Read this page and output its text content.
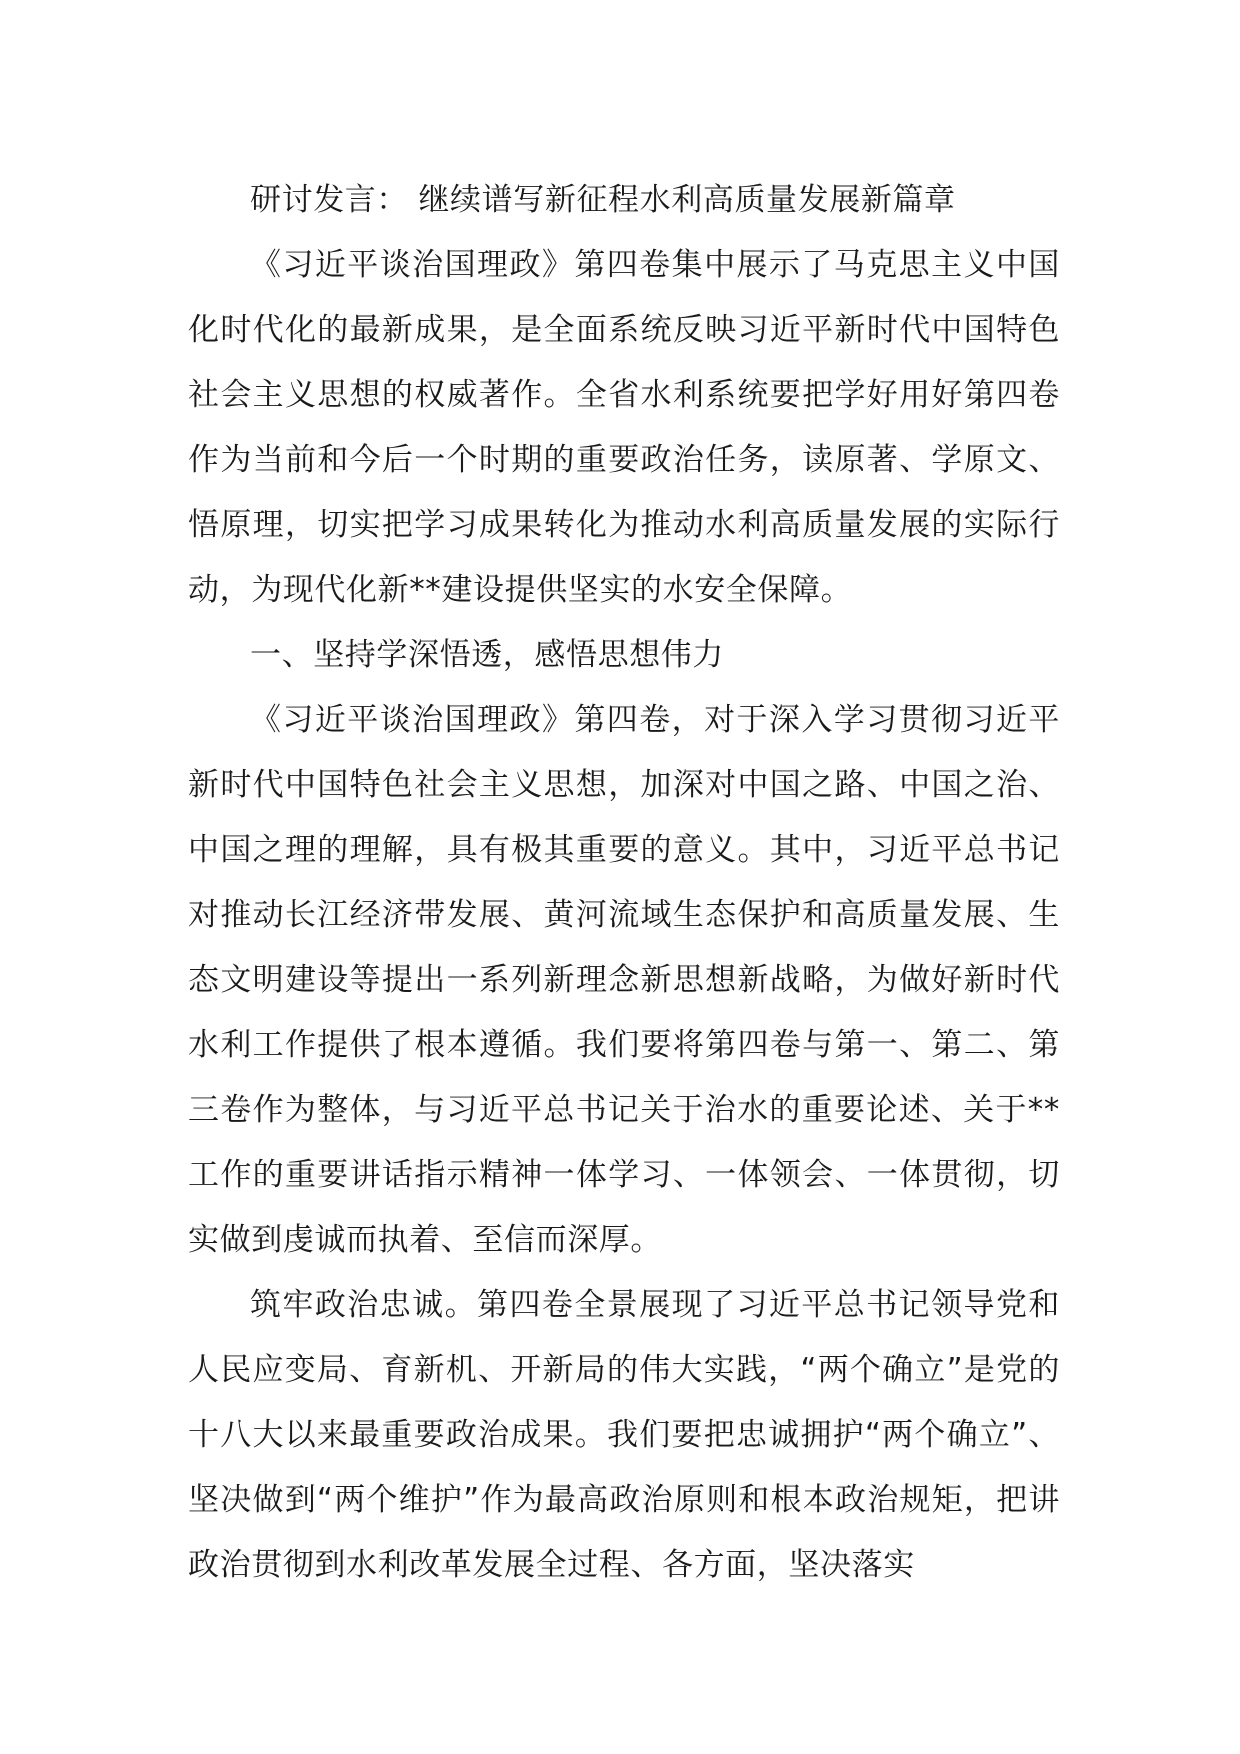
研讨发言： 继续谱写新征程水利高质量发展新篇章

《习近平谈治国理政》第四卷集中展示了马克思主义中国化时代化的最新成果，是全面系统反映习近平新时代中国特色社会主义思想的权威著作。全省水利系统要把学好用好第四卷作为当前和今后一个时期的重要政治任务，读原著、学原文、悟原理，切实把学习成果转化为推动水利高质量发展的实际行动，为现代化新**建设提供坚实的水安全保障。

一、坚持学深悟透，感悟思想伟力

《习近平谈治国理政》第四卷，对于深入学习贯彻习近平新时代中国特色社会主义思想，加深对中国之路、中国之治、中国之理的理解，具有极其重要的意义。其中，习近平总书记对推动长江经济带发展、黄河流域生态保护和高质量发展、生态文明建设等提出一系列新理念新思想新战略，为做好新时代水利工作提供了根本遵循。我们要将第四卷与第一、第二、第三卷作为整体，与习近平总书记关于治水的重要论述、关于**工作的重要讲话指示精神一体学习、一体领会、一体贯彻，切实做到虔诚而执着、至信而深厚。

筑牢政治忠诚。第四卷全景展现了习近平总书记领导党和人民应变局、育新机、开新局的伟大实践，“两个确立”是党的十八大以来最重要政治成果。我们要把忠诚拥护“两个确立”、坚决做到“两个维护”作为最高政治原则和根本政治规矩，把讲政治贯彻到水利改革发展全过程、各方面，坚决落实
